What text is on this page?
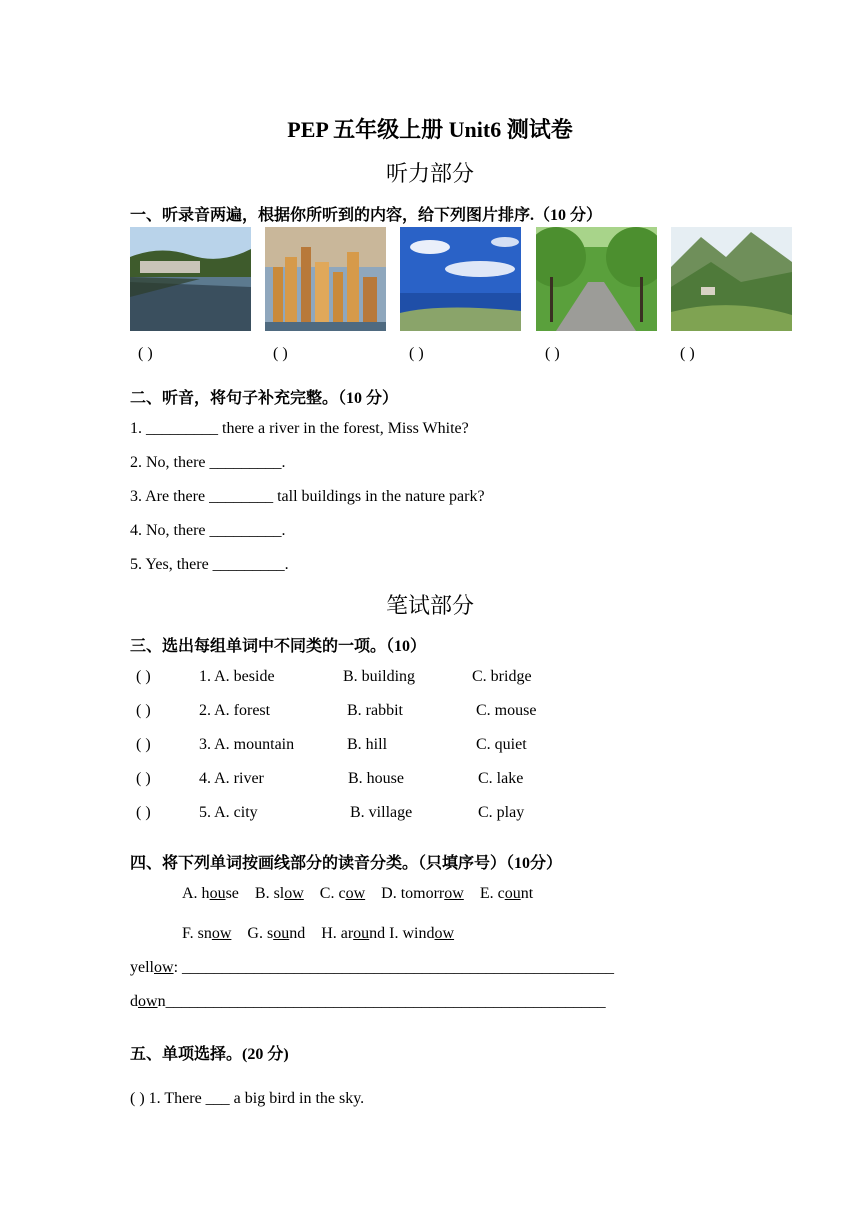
PEP 五年级上册 Unit6 测试卷
听力部分
一、听录音两遍，根据你所听到的内容，给下列图片排序.（10 分）
( )	( )	( )	( )	( )
二、听音，将句子补充完整。（10 分）
1. _________ there a river in the forest, Miss White?
2. No, there _________.
3. Are there ________ tall buildings in the nature park?
4. No, there _________.
5. Yes, there _________.
笔试部分
三、选出每组单词中不同类的一项。（10）
( )	1. A. beside	B. building	C. bridge
( )	2. A. forest	B. rabbit	C. mouse
( )	3. A. mountain	B. hill	C. quiet
( )	4. A. river	B. house	C. lake
( )	5. A. city	B. village	C. play
四、将下列单词按画线部分的读音分类。（只填序号）（10分）
A. house B. slow C. cow D. tomorrow E. count
F. snow G. sound H. around I. window
yellow: ______________________________________________________
down_______________________________________________________
五、单项选择。(20 分)
( ) 1. There ___ a big bird in the sky.
